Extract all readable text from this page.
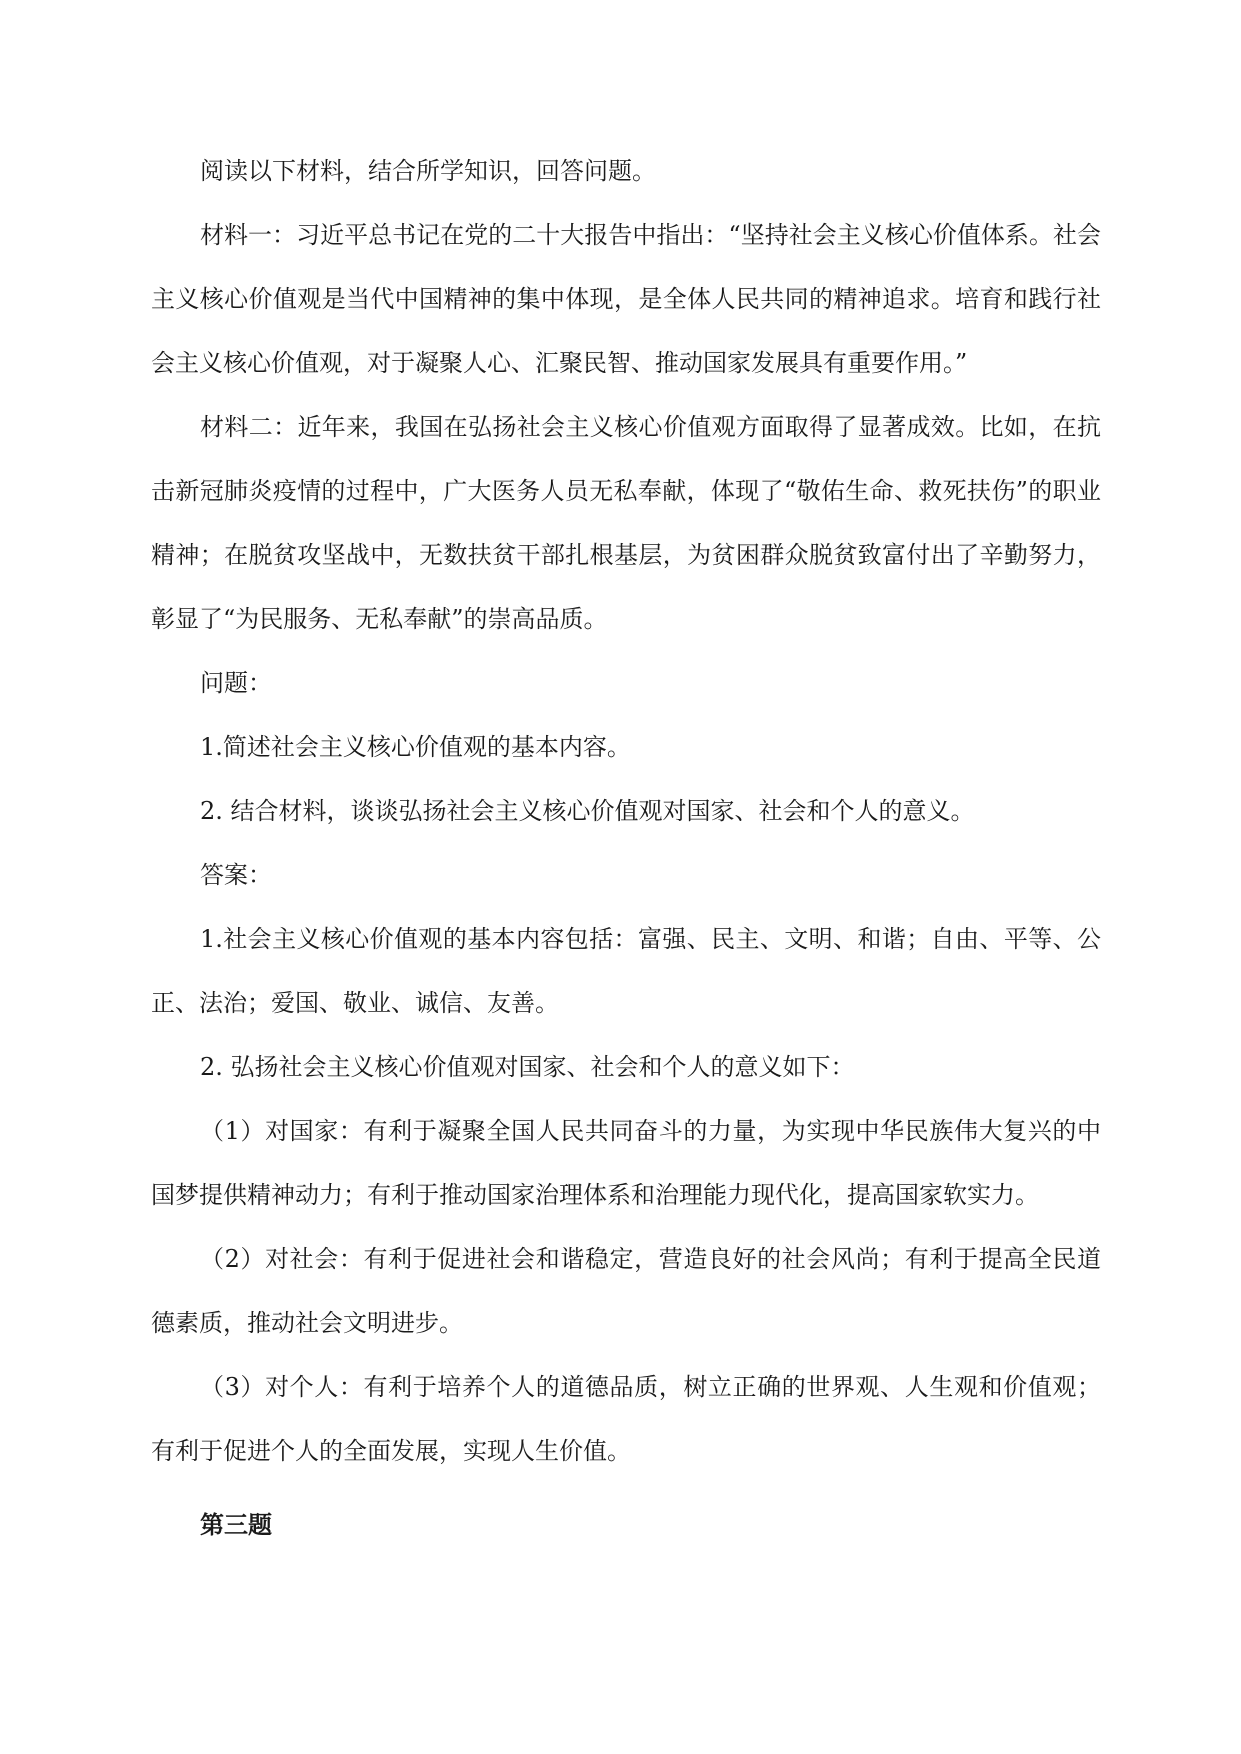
阅读以下材料，结合所学知识，回答问题。

材料一：习近平总书记在党的二十大报告中指出：“坚持社会主义核心价值体系。社会主义核心价值观是当代中国精神的集中体现，是全体人民共同的精神追求。培育和践行社会主义核心价值观，对于凝聚人心、汇聚民智、推动国家发展具有重要作用。”

材料二：近年来，我国在弘扬社会主义核心价值观方面取得了显著成效。比如，在抗击新冠肺炎疫情的过程中，广大医务人员无私奉献，体现了“敬佑生命、救死扶伤”的职业精神；在脱贫攻坚战中，无数扶贫干部扎根基层，为贫困群众脱贫致富付出了辛勤努力，彰显了“为民服务、无私奉献”的崇高品质。

问题：

1.简述社会主义核心价值观的基本内容。

2. 结合材料，谈谈弘扬社会主义核心价值观对国家、社会和个人的意义。

答案：

1.社会主义核心价值观的基本内容包括：富强、民主、文明、和谐；自由、平等、公正、法治；爱国、敬业、诚信、友善。

2. 弘扬社会主义核心价值观对国家、社会和个人的意义如下：

（1）对国家：有利于凝聚全国人民共同奋斗的力量，为实现中华民族伟大复兴的中国梦提供精神动力；有利于推动国家治理体系和治理能力现代化，提高国家软实力。

（2）对社会：有利于促进社会和谐稳定，营造良好的社会风尚；有利于提高全民道德素质，推动社会文明进步。

（3）对个人：有利于培养个人的道德品质，树立正确的世界观、人生观和价值观；有利于促进个人的全面发展，实现人生价值。

第三题
